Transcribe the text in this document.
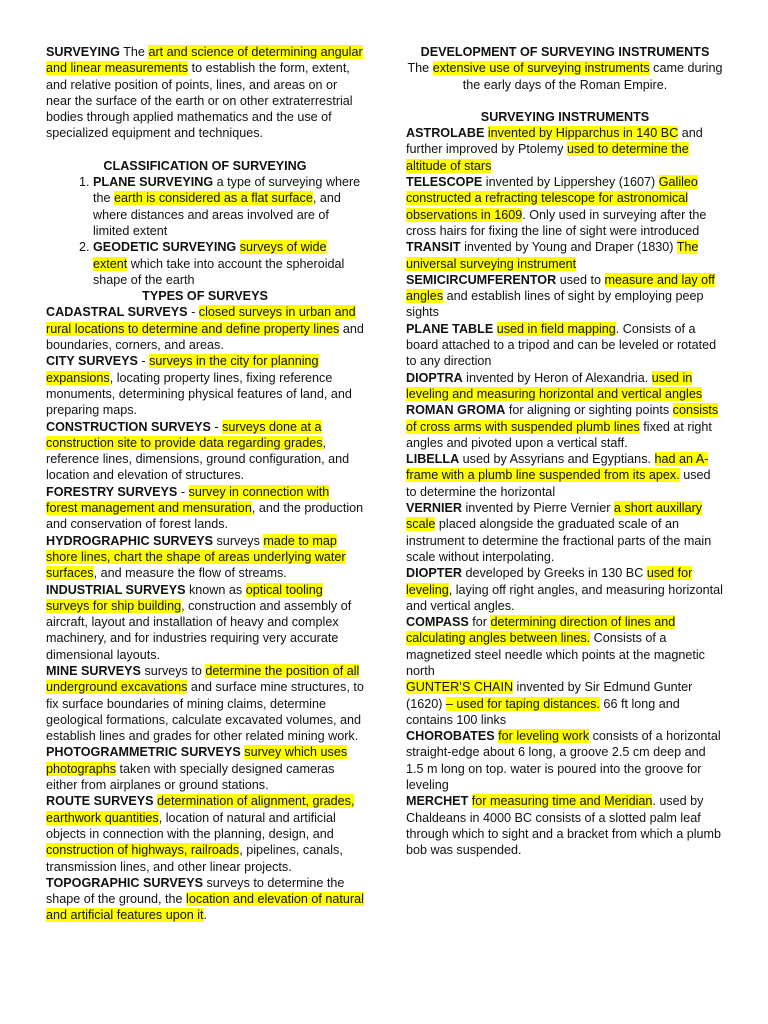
SURVEYING The art and science of determining angular and linear measurements to establish the form, extent, and relative position of points, lines, and areas on or near the surface of the earth or on other extraterrestrial bodies through applied mathematics and the use of specialized equipment and techniques.

CLASSIFICATION OF SURVEYING

1. PLANE SURVEYING a type of surveying where the earth is considered as a flat surface, and where distances and areas involved are of limited extent
2. GEODETIC SURVEYING surveys of wide extent which take into account the spheroidal shape of the earth

TYPES OF SURVEYS

CADASTRAL SURVEYS - closed surveys in urban and rural locations to determine and define property lines and boundaries, corners, and areas.

CITY SURVEYS - surveys in the city for planning expansions, locating property lines, fixing reference monuments, determining physical features of land, and preparing maps.

CONSTRUCTION SURVEYS - surveys done at a construction site to provide data regarding grades, reference lines, dimensions, ground configuration, and location and elevation of structures.

FORESTRY SURVEYS - survey in connection with forest management and mensuration, and the production and conservation of forest lands.

HYDROGRAPHIC SURVEYS surveys made to map shore lines, chart the shape of areas underlying water surfaces, and measure the flow of streams.

INDUSTRIAL SURVEYS known as optical tooling surveys for ship building, construction and assembly of aircraft, layout and installation of heavy and complex machinery, and for industries requiring very accurate dimensional layouts.

MINE SURVEYS surveys to determine the position of all underground excavations and surface mine structures, to fix surface boundaries of mining claims, determine geological formations, calculate excavated volumes, and establish lines and grades for other related mining work.

PHOTOGRAMMETRIC SURVEYS survey which uses photographs taken with specially designed cameras either from airplanes or ground stations.

ROUTE SURVEYS determination of alignment, grades, earthwork quantities, location of natural and artificial objects in connection with the planning, design, and construction of highways, railroads, pipelines, canals, transmission lines, and other linear projects.

TOPOGRAPHIC SURVEYS surveys to determine the shape of the ground, the location and elevation of natural and artificial features upon it.

DEVELOPMENT OF SURVEYING INSTRUMENTS

The extensive use of surveying instruments came during the early days of the Roman Empire.

SURVEYING INSTRUMENTS

ASTROLABE invented by Hipparchus in 140 BC and further improved by Ptolemy used to determine the altitude of stars

TELESCOPE invented by Lippershey (1607) Galileo constructed a refracting telescope for astronomical observations in 1609. Only used in surveying after the cross hairs for fixing the line of sight were introduced

TRANSIT invented by Young and Draper (1830) The universal surveying instrument

SEMICIRCUMFERENTOR used to measure and lay off angles and establish lines of sight by employing peep sights

PLANE TABLE used in field mapping. Consists of a board attached to a tripod and can be leveled or rotated to any direction

DIOPTRA invented by Heron of Alexandria. used in leveling and measuring horizontal and vertical angles

ROMAN GROMA for aligning or sighting points consists of cross arms with suspended plumb lines fixed at right angles and pivoted upon a vertical staff.

LIBELLA used by Assyrians and Egyptians. had an A-frame with a plumb line suspended from its apex. used to determine the horizontal

VERNIER invented by Pierre Vernier a short auxillary scale placed alongside the graduated scale of an instrument to determine the fractional parts of the main scale without interpolating.

DIOPTER developed by Greeks in 130 BC used for leveling, laying off right angles, and measuring horizontal and vertical angles.

COMPASS for determining direction of lines and calculating angles between lines. Consists of a magnetized steel needle which points at the magnetic north

GUNTER’S CHAIN invented by Sir Edmund Gunter (1620) – used for taping distances. 66 ft long and contains 100 links

CHOROBATES for leveling work consists of a horizontal straight-edge about 6 long, a groove 2.5 cm deep and 1.5 m long on top. water is poured into the groove for leveling

MERCHET for measuring time and Meridian. used by Chaldeans in 4000 BC consists of a slotted palm leaf through which to sight and a bracket from which a plumb bob was suspended.
